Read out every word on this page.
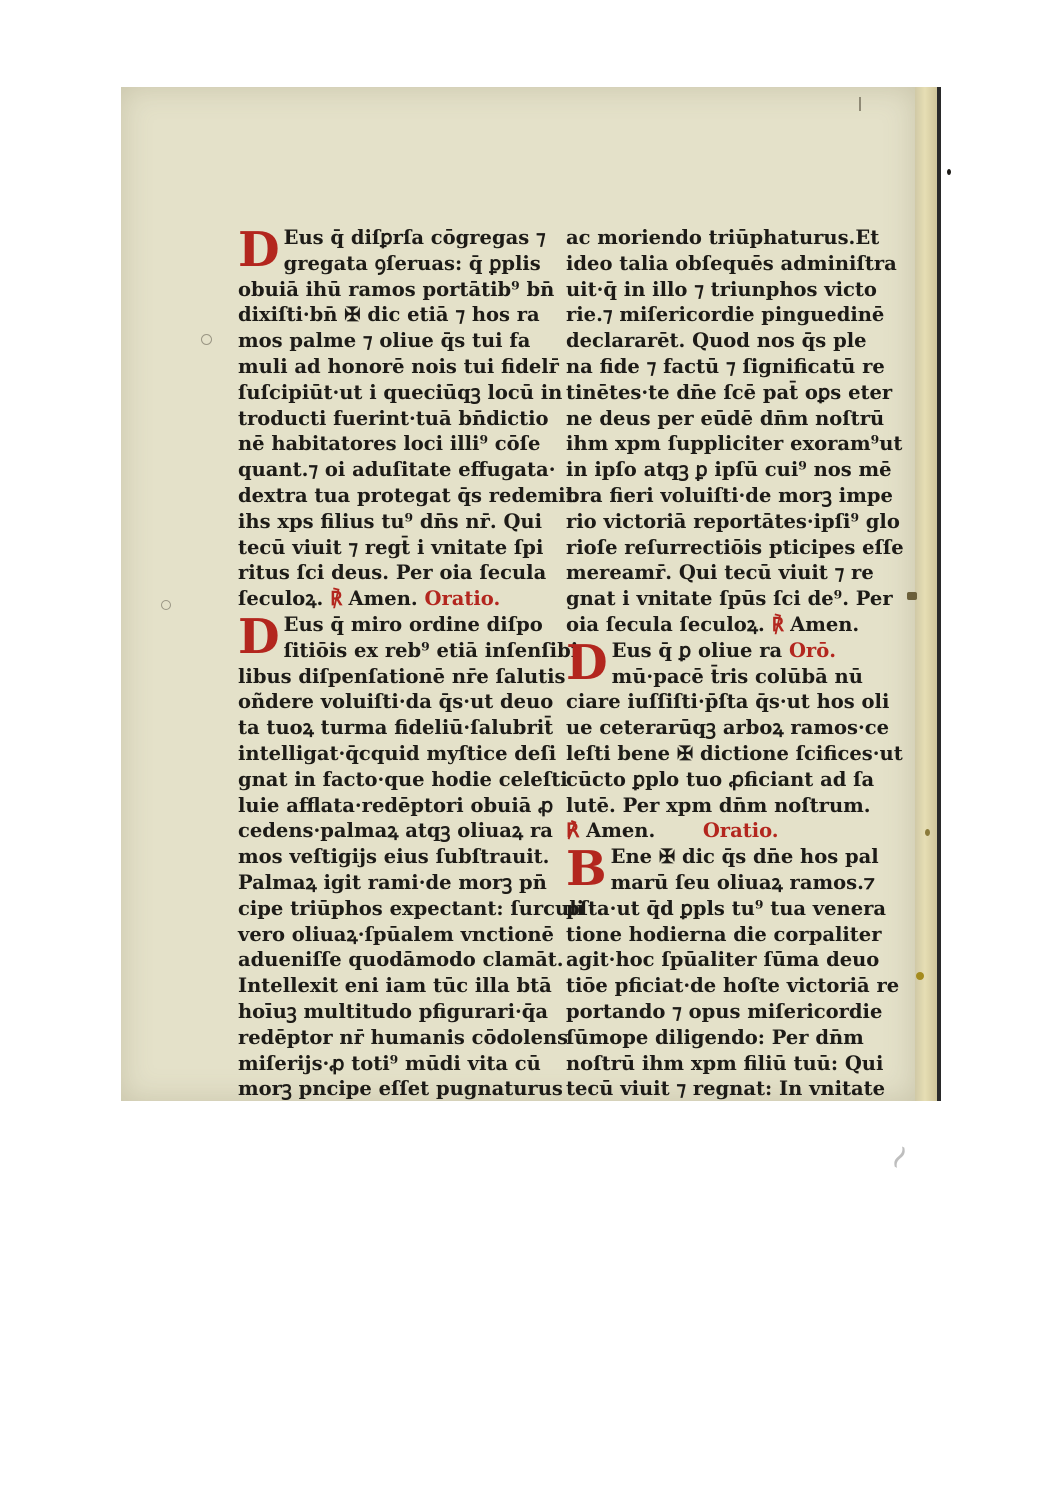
D Eus q̄ diſꝑrſa cōgregas ⁊
gregata ꝯſeruas: q̄ ꝑplis
obuiā ihū ramos portātib⁹ bn̄
dixiſti·bn̄ ✠ dic etiā ⁊ hos ra
mos palme ⁊ oliue q̄s tui fa
muli ad honorē nois tui fidelr̄
ſuſcipiūt·ut i queciūqꝫ locū in
troducti fuerint·tuā bn̄dictio
nē habitatores loci illi⁹ cōſe
quant.⁊ oi aduſitate effugata·
dextra tua protegat q̄s redemit
ihs xps filius tu⁹ dn̄s nr̄. Qui
tecū viuit ⁊ regt̄ i vnitate ſpi
ritus ſci deus. Per oia ſecula
ſeculoꝝ. ℟ Amen. Oratio.
D Eus q̄ miro ordine diſpo
ſitiōis ex reb⁹ etiā inſenſibi
libus diſpenſationē nr̄e ſalutis
oñdere voluiſti·da q̄s·ut deuo
ta tuoꝝ turma fideliū·ſalubrit̄
intelligat·q̄cquid myſtice deſi
gnat in facto·que hodie celeſti
luie afflata·redēptori obuiā ꝓ
cedens·palmaꝝ atqꝫ oliuaꝝ ra
mos veſtigijs eius ſubſtrauit.
Palmaꝝ igit rami·de morꝫ pn̄
cipe triūphos expectant: ſurculi
vero oliuaꝝ·ſpūalem vnctionē
adueniſſe quodāmodo clamāt.
Intellexit eni iam tūc illa btā
hoīuꝫ multitudo pfigurari·q̄a
redēptor nr̄ humanis cōdolens
miſerijs·ꝓ toti⁹ mūdi vita cū
morꝫ pncipe eſſet pugnaturus
ac moriendo triūphaturus.Et
ideo talia obſequēs adminiſtra
uit·q̄ in illo ⁊ triunphos victo
rie.⁊ miſericordie pinguedinē
declararēt. Quod nos q̄s ple
na fide ⁊ factū ⁊ ſignificatū re
tinētes·te dn̄e ſcē pat̄ oꝑs eter
ne deus per eūdē dn̄m noſtrū
ihm xpm ſuppliciter exoram⁹ut
in ipſo atqꝫ ꝑ ipſū cui⁹ nos mē
bra fieri voluiſti·de morꝫ impe
rio victoriā reportātes·ipſi⁹ glo
rioſe reſurrectiōis pticipes eſſe
mereamr̄. Qui tecū viuit ⁊ re
gnat i vnitate ſpūs ſci de⁹. Per
oia ſecula ſeculoꝝ. ℟ Amen.
D Eus q̄ ꝑ oliue ra Orō.
mū·pacē t̄ris colūbā nū
ciare iuſſiſti·p̄ſta q̄s·ut hos oli
ue ceterarūqꝫ arboꝝ ramos·ce
leſti bene ✠ dictione ſcifices·ut
cūcto ꝑplo tuo ꝓficiant ad ſa
lutē. Per xpm dn̄m noſtrum.
℟ Amen. Oratio.
B Ene ✠ dic q̄s dn̄e hos pal
marū ſeu oliuaꝝ ramos.⁊
pſta·ut q̄d ꝑpls tu⁹ tua venera
tione hodierna die corpaliter
agit·hoc ſpūaliter ſūma deuo
tiōe pficiat·de hoſte victoriā re
portando ⁊ opus miſericordie
ſūmope diligendo: Per dn̄m
noſtrū ihm xpm filiū tuū: Qui
tecū viuit ⁊ regnat: In vnitate
~
